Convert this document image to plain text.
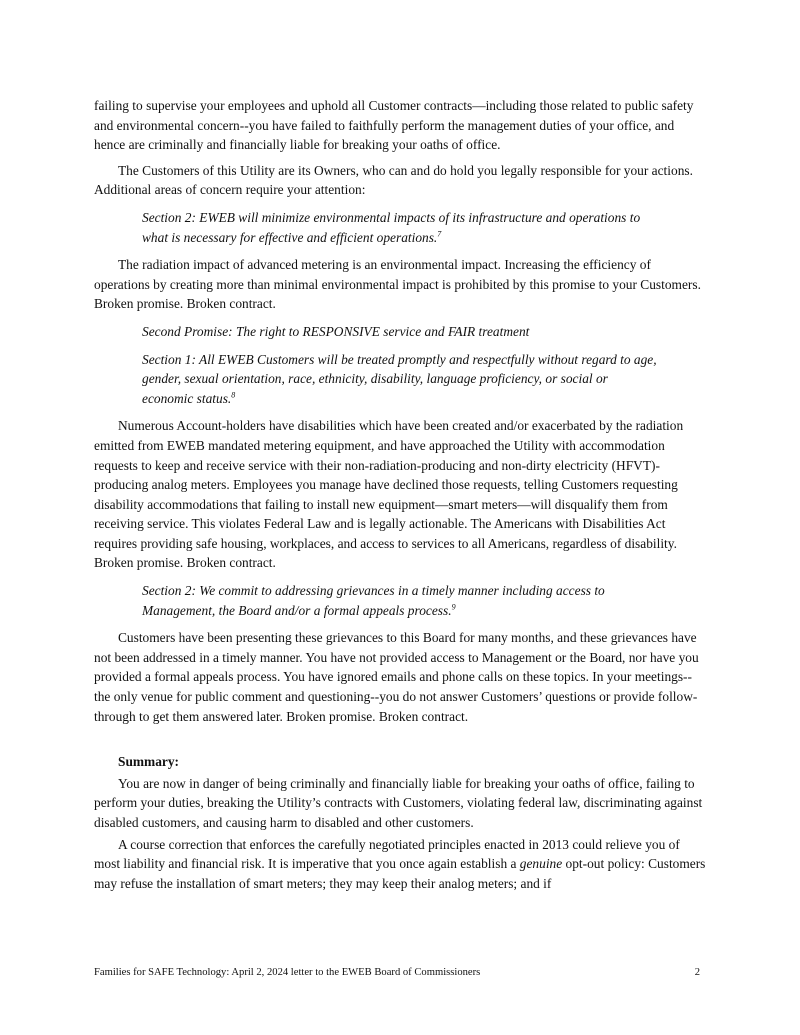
failing to supervise your employees and uphold all Customer contracts—including those related to public safety and environmental concern--you have failed to faithfully perform the management duties of your office, and hence are criminally and financially liable for breaking your oaths of office.

The Customers of this Utility are its Owners, who can and do hold you legally responsible for your actions. Additional areas of concern require your attention:

Section 2: EWEB will minimize environmental impacts of its infrastructure and operations to what is necessary for effective and efficient operations.$^7$

The radiation impact of advanced metering is an environmental impact. Increasing the efficiency of operations by creating more than minimal environmental impact is prohibited by this promise to your Customers. Broken promise. Broken contract.

Second Promise: The right to RESPONSIVE service and FAIR treatment

Section 1: All EWEB Customers will be treated promptly and respectfully without regard to age, gender, sexual orientation, race, ethnicity, disability, language proficiency, or social or economic status.$^8$

Numerous Account-holders have disabilities which have been created and/or exacerbated by the radiation emitted from EWEB mandated metering equipment, and have approached the Utility with accommodation requests to keep and receive service with their non-radiation-producing and non-dirty electricity (HFVT)-producing analog meters. Employees you manage have declined those requests, telling Customers requesting disability accommodations that failing to install new equipment—smart meters—will disqualify them from receiving service. This violates Federal Law and is legally actionable. The Americans with Disabilities Act requires providing safe housing, workplaces, and access to services to all Americans, regardless of disability. Broken promise. Broken contract.

Section 2: We commit to addressing grievances in a timely manner including access to Management, the Board and/or a formal appeals process.$^9$

Customers have been presenting these grievances to this Board for many months, and these grievances have not been addressed in a timely manner. You have not provided access to Management or the Board, nor have you provided a formal appeals process. You have ignored emails and phone calls on these topics. In your meetings--the only venue for public comment and questioning--you do not answer Customers’ questions or provide follow-through to get them answered later. Broken promise. Broken contract.

Summary:

You are now in danger of being criminally and financially liable for breaking your oaths of office, failing to perform your duties, breaking the Utility’s contracts with Customers, violating federal law, discriminating against disabled customers, and causing harm to disabled and other customers.

A course correction that enforces the carefully negotiated principles enacted in 2013 could relieve you of most liability and financial risk. It is imperative that you once again establish a genuine opt-out policy: Customers may refuse the installation of smart meters; they may keep their analog meters; and if

Families for SAFE Technology: April 2, 2024 letter to the EWEB Board of Commissioners	2
